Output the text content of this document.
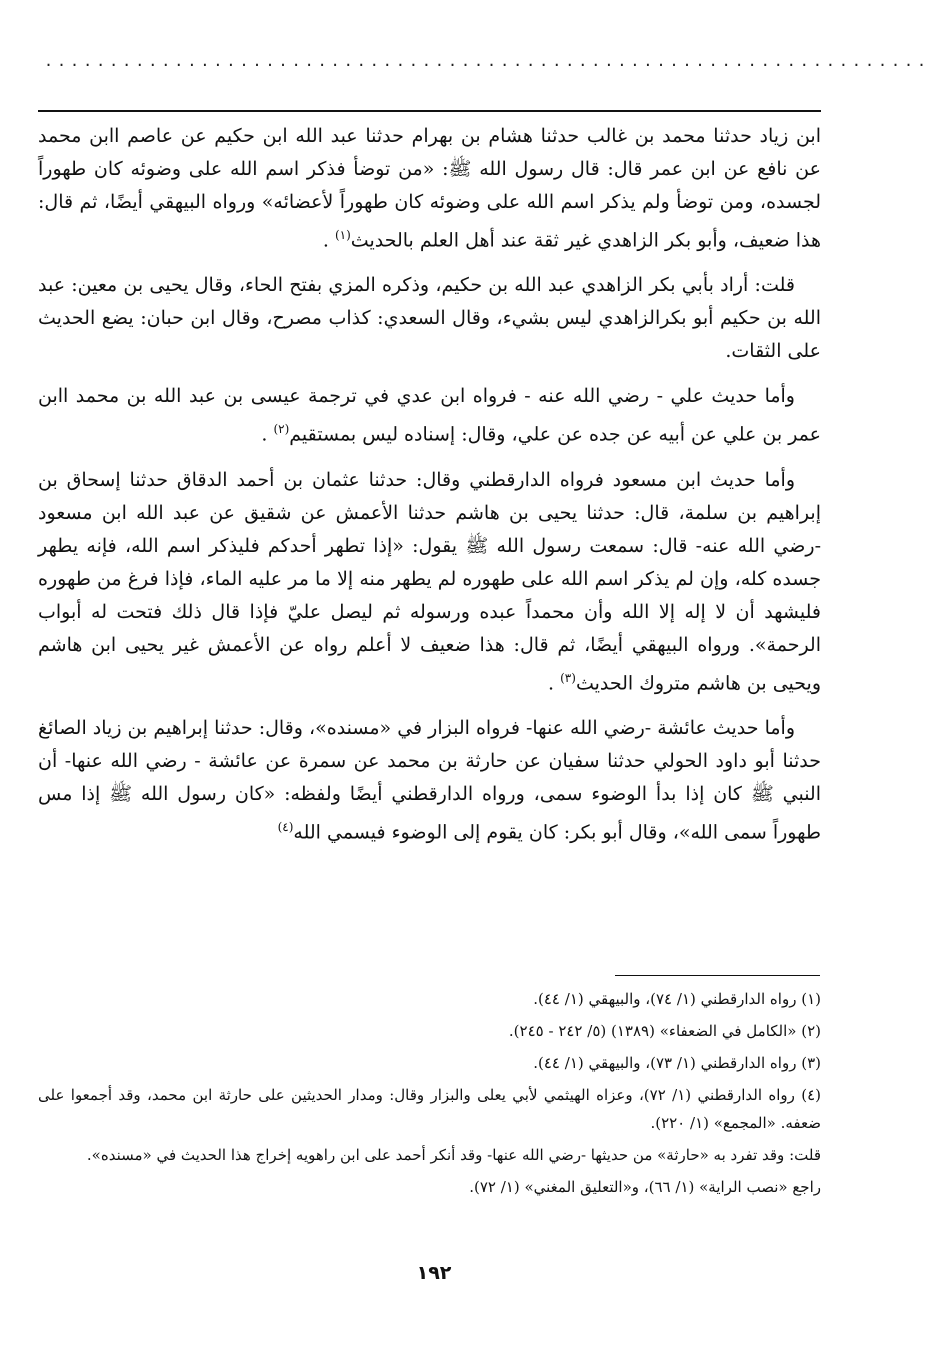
....................................................................

ابن زياد حدثنا محمد بن غالب حدثنا هشام بن بهرام حدثنا عبد الله ابن حكيم عن عاصم اابن محمد عن نافع عن ابن عمر قال: قال رسول الله ﷺ: «من توضأ فذكر اسم الله على وضوئه كان طهوراً لجسده، ومن توضأ ولم يذكر اسم الله على وضوئه كان طهوراً لأعضائه» ورواه البيهقي أيضًا، ثم قال: هذا ضعيف، وأبو بكر الزاهدي غير ثقة عند أهل العلم بالحديث$^{(١)}$ .

قلت: أراد بأبي بكر الزاهدي عبد الله بن حكيم، وذكره المزي بفتح الحاء، وقال يحيى بن معين: عبد الله بن حكيم أبو بكرالزاهدي ليس بشيء، وقال السعدي: كذاب مصرح، وقال ابن حبان: يضع الحديث على الثقات.

وأما حديث علي - رضي الله عنه - فرواه ابن عدي في ترجمة عيسى بن عبد الله بن محمد اابن عمر بن علي عن أبيه عن جده عن علي، وقال: إسناده ليس بمستقيم$^{(٢)}$ .

وأما حديث ابن مسعود فرواه الدارقطني وقال: حدثنا عثمان بن أحمد الدقاق حدثنا إسحاق بن إبراهيم بن سلمة، قال: حدثنا يحيى بن هاشم حدثنا الأعمش عن شقيق عن عبد الله ابن مسعود -رضي الله عنه- قال: سمعت رسول الله ﷺ يقول: «إذا تطهر أحدكم فليذكر اسم الله، فإنه يطهر جسده كله، وإن لم يذكر اسم الله على طهوره لم يطهر منه إلا ما مر عليه الماء، فإذا فرغ من طهوره فليشهد أن لا إله إلا الله وأن محمداً عبده ورسوله ثم ليصل عليّ فإذا قال ذلك فتحت له أبواب الرحمة». ورواه البيهقي أيضًا، ثم قال: هذا ضعيف لا أعلم رواه عن الأعمش غير يحيى ابن هاشم ويحيى بن هاشم متروك الحديث$^{(٣)}$ .

وأما حديث عائشة -رضي الله عنها- فرواه البزار في «مسنده»، وقال: حدثنا إبراهيم بن زياد الصائغ حدثنا أبو داود الحولي حدثنا سفيان عن حارثة بن محمد عن سمرة عن عائشة - رضي الله عنها- أن النبي ﷺ كان إذا بدأ الوضوء سمى، ورواه الدارقطني أيضًا ولفظه: «كان رسول الله ﷺ إذا مس طهوراً سمى الله»، وقال أبو بكر: كان يقوم إلى الوضوء فيسمي الله$^{(٤)}$

(١) رواه الدارقطني (١/ ٧٤)، والبيهقي (١/ ٤٤).

(٢) «الكامل في الضعفاء» (١٣٨٩) (٥/ ٢٤٢ - ٢٤٥).

(٣) رواه الدارقطني (١/ ٧٣)، والبيهقي (١/ ٤٤).

(٤) رواه الدارقطني (١/ ٧٢)، وعزاه الهيثمي لأبي يعلى والبزار وقال: ومدار الحديثين على حارثة ابن محمد، وقد أجمعوا على ضعفه. «المجمع» (١/ ٢٢٠).

قلت: وقد تفرد به «حارثة» من حديثها -رضي الله عنها- وقد أنكر أحمد على ابن راهويه إخراج هذا الحديث في «مسنده».

راجع «نصب الراية» (١/ ٦٦)، و«التعليق المغني» (١/ ٧٢).

١٩٢
